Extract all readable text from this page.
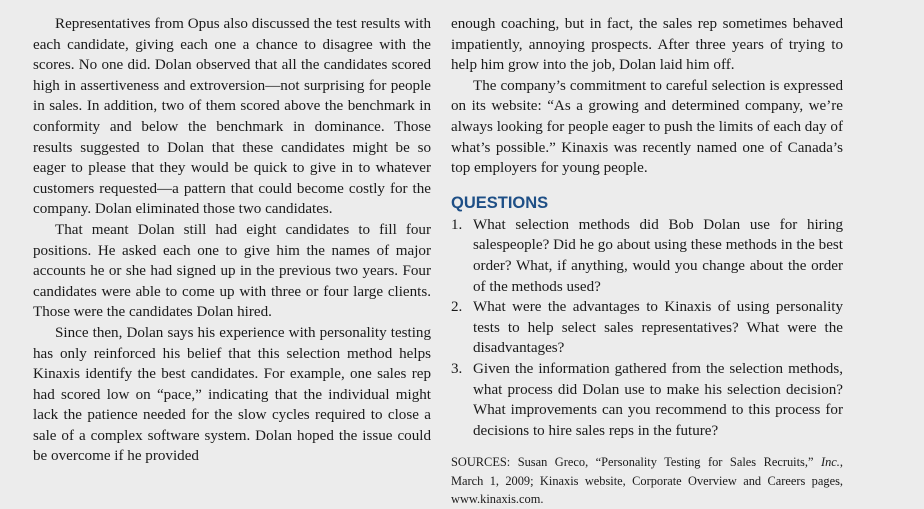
Representatives from Opus also discussed the test results with each candidate, giving each one a chance to disagree with the scores. No one did. Dolan observed that all the candidates scored high in assertiveness and extroversion—not surprising for people in sales. In addition, two of them scored above the benchmark in conformity and below the benchmark in dominance. Those results suggested to Dolan that these candidates might be so eager to please that they would be quick to give in to whatever customers requested—a pattern that could become costly for the company. Dolan eliminated those two candidates.

That meant Dolan still had eight candidates to fill four positions. He asked each one to give him the names of major accounts he or she had signed up in the previous two years. Four candidates were able to come up with three or four large clients. Those were the candidates Dolan hired.

Since then, Dolan says his experience with personality testing has only reinforced his belief that this selection method helps Kinaxis identify the best candidates. For example, one sales rep had scored low on “pace,” indicating that the individual might lack the patience needed for the slow cycles required to close a sale of a complex software system. Dolan hoped the issue could be overcome if he provided

enough coaching, but in fact, the sales rep sometimes behaved impatiently, annoying prospects. After three years of trying to help him grow into the job, Dolan laid him off.

The company’s commitment to careful selection is expressed on its website: “As a growing and determined company, we’re always looking for people eager to push the limits of each day of what’s possible.” Kinaxis was recently named one of Canada’s top employers for young people.

QUESTIONS
1. What selection methods did Bob Dolan use for hiring salespeople? Did he go about using these methods in the best order? What, if anything, would you change about the order of the methods used?
2. What were the advantages to Kinaxis of using personality tests to help select sales representatives? What were the disadvantages?
3. Given the information gathered from the selection methods, what process did Dolan use to make his selection decision? What improvements can you recommend to this process for decisions to hire sales reps in the future?

SOURCES: Susan Greco, “Personality Testing for Sales Recruits,” Inc., March 1, 2009; Kinaxis website, Corporate Overview and Careers pages, www.kinaxis.com.
